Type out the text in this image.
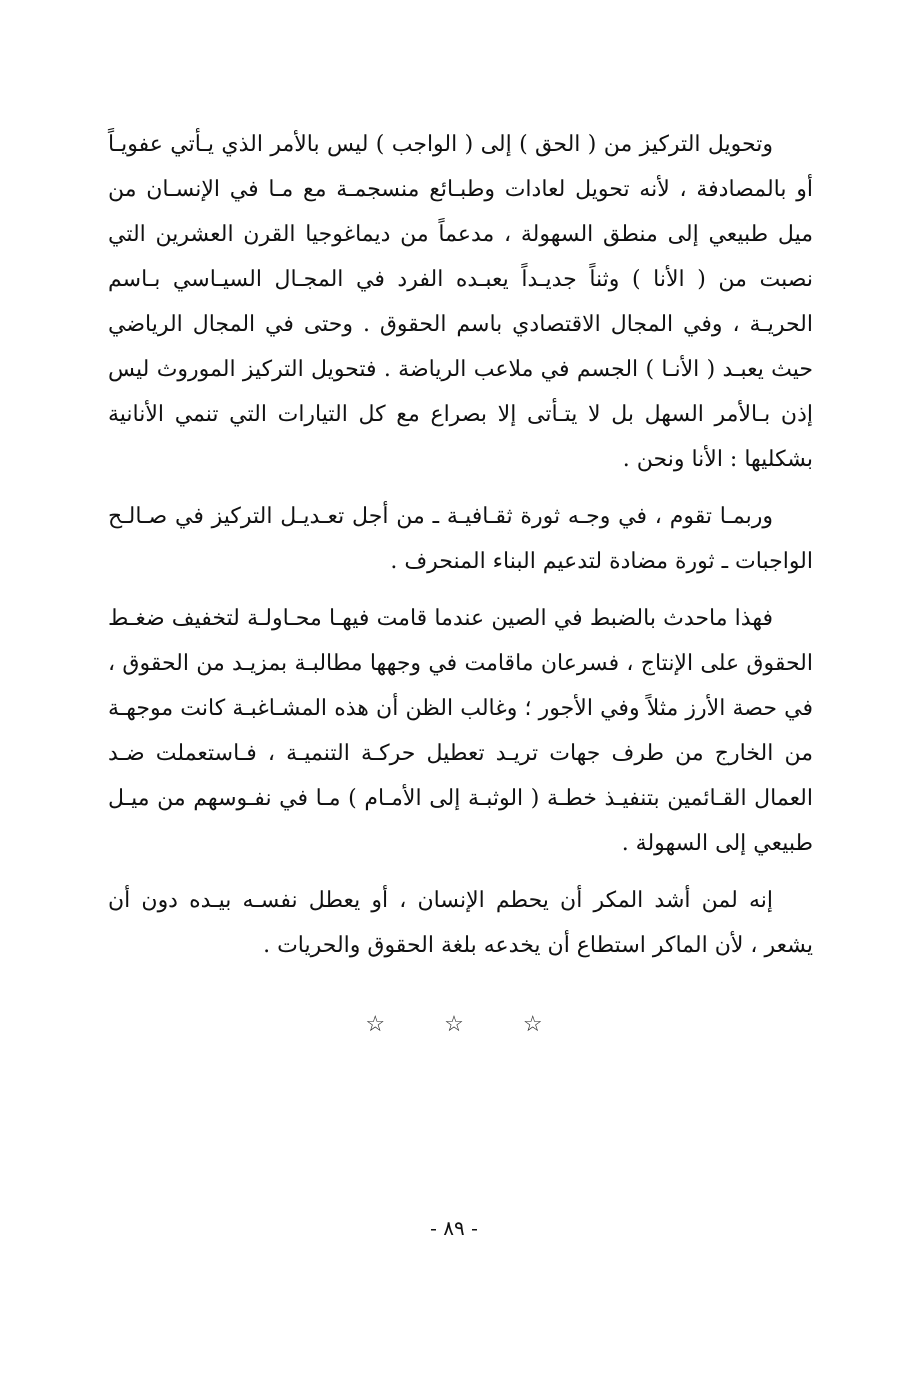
وتحويل التركيز من ( الحق ) إلى ( الواجب ) ليس بالأمر الذي يـأتي عفويـاً أو بالمصادفة ، لأنه تحويل لعادات وطبـائع منسجمـة مع مـا في الإنسـان من ميل طبيعي إلى منطق السهولة ، مدعماً من ديماغوجيا القرن العشرين التي نصبت من ( الأنا ) وثناً جديـداً يعبـده الفرد في المجـال السيـاسي بـاسم الحريـة ، وفي المجال الاقتصادي باسم الحقوق . وحتى في المجال الرياضي حيث يعبـد ( الأنـا ) الجسم في ملاعب الرياضة . فتحويل التركيز الموروث ليس إذن بـالأمر السهل بل لا يتـأتى إلا بصراع مع كل التيارات التي تنمي الأنانية بشكليها : الأنا ونحن .

وربمـا تقوم ، في وجـه ثورة ثقـافيـة ـ من أجل تعـديـل التركيز في صـالـح الواجبات ـ ثورة مضادة لتدعيم البناء المنحرف .

فهذا ماحدث بالضبط في الصين عندما قامت فيهـا محـاولـة لتخفيف ضغـط الحقوق على الإنتاج ، فسرعان ماقامت في وجهها مطالبـة بمزيـد من الحقوق ، في حصة الأرز مثلاً وفي الأجور ؛ وغالب الظن أن هذه المشـاغبـة كانت موجهـة من الخارج من طرف جهات تريـد تعطيل حركـة التنميـة ، فـاستعملت ضـد العمال القـائمين بتنفيـذ خطـة ( الوثبـة إلى الأمـام ) مـا في نفـوسهم من ميـل طبيعي إلى السهولة .

إنه لمن أشد المكر أن يحطم الإنسان ، أو يعطل نفسـه بيـده دون أن يشعر ، لأن الماكر استطاع أن يخدعه بلغة الحقوق والحريات .

☆ ☆ ☆
- ٨٩ -
